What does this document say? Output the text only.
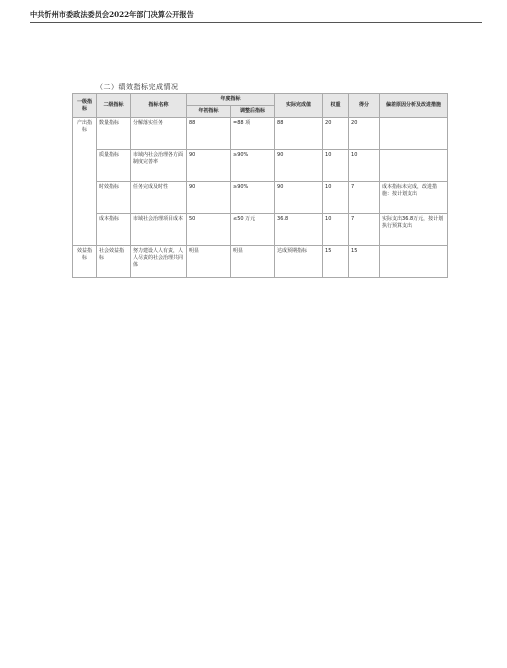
中共忻州市委政法委员会2022年部门决算公开报告
（二）绩效指标完成情况
一级指标	二级指标	指标名称	年度指标		实际完成值	权重	得分	偏差原因分析及改进措施
			年初指标	调整后指标				
产出指标	数量指标	分解落实任务	88	=88 项	88	20	20	
	质量指标	市域内社会治理各方面制度完善率	90	≥90%	90	10	10	
	时效指标	任务完成及时性	90	≥90%	90	10	7	成本指标未完成，改进措施：按计划支出
	成本指标	市域社会治理项目成本	50	≤50 万元	36.8	10	7	实际支出36.8万元，按计划执行预算支出
效益指标	社会效益指标	努力建设人人有责，人人尽责的社会治理共同体	明显	明显	达成预期指标	15	15	
